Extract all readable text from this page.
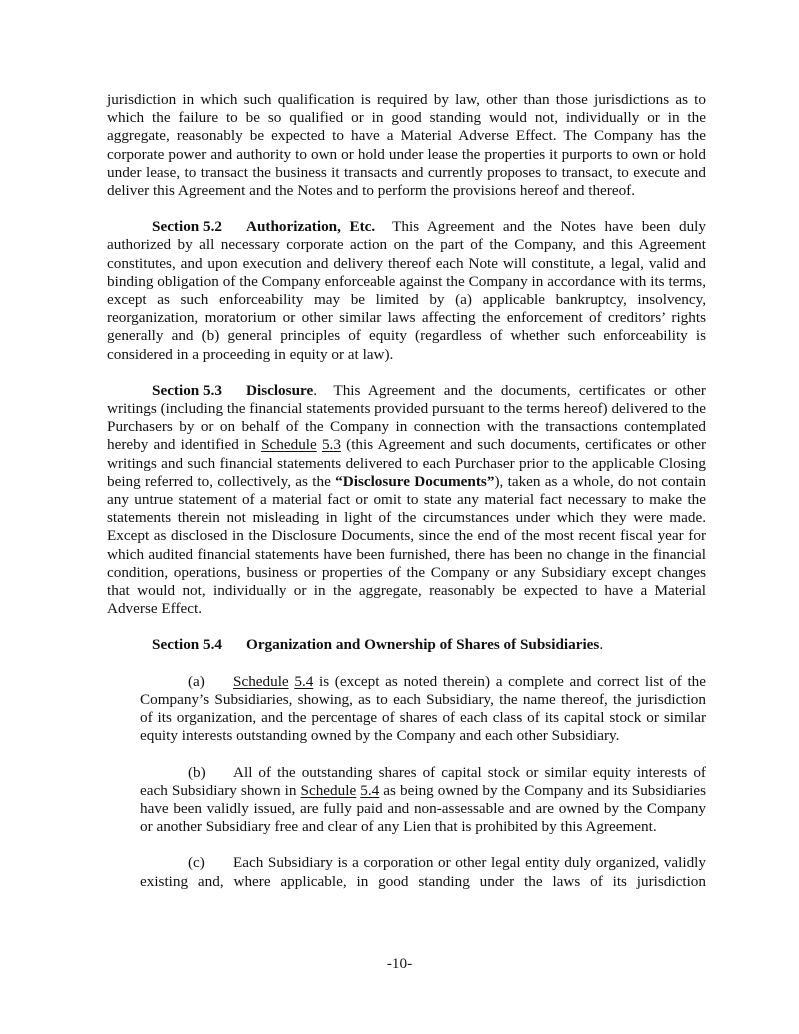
jurisdiction in which such qualification is required by law, other than those jurisdictions as to which the failure to be so qualified or in good standing would not, individually or in the aggregate, reasonably be expected to have a Material Adverse Effect. The Company has the corporate power and authority to own or hold under lease the properties it purports to own or hold under lease, to transact the business it transacts and currently proposes to transact, to execute and deliver this Agreement and the Notes and to perform the provisions hereof and thereof.

Section 5.2 Authorization, Etc. This Agreement and the Notes have been duly authorized by all necessary corporate action on the part of the Company, and this Agreement constitutes, and upon execution and delivery thereof each Note will constitute, a legal, valid and binding obligation of the Company enforceable against the Company in accordance with its terms, except as such enforceability may be limited by (a) applicable bankruptcy, insolvency, reorganization, moratorium or other similar laws affecting the enforcement of creditors’ rights generally and (b) general principles of equity (regardless of whether such enforceability is considered in a proceeding in equity or at law).

Section 5.3 Disclosure. This Agreement and the documents, certificates or other writings (including the financial statements provided pursuant to the terms hereof) delivered to the Purchasers by or on behalf of the Company in connection with the transactions contemplated hereby and identified in Schedule 5.3 (this Agreement and such documents, certificates or other writings and such financial statements delivered to each Purchaser prior to the applicable Closing being referred to, collectively, as the “Disclosure Documents”), taken as a whole, do not contain any untrue statement of a material fact or omit to state any material fact necessary to make the statements therein not misleading in light of the circumstances under which they were made. Except as disclosed in the Disclosure Documents, since the end of the most recent fiscal year for which audited financial statements have been furnished, there has been no change in the financial condition, operations, business or properties of the Company or any Subsidiary except changes that would not, individually or in the aggregate, reasonably be expected to have a Material Adverse Effect.

Section 5.4 Organization and Ownership of Shares of Subsidiaries.

(a) Schedule 5.4 is (except as noted therein) a complete and correct list of the Company’s Subsidiaries, showing, as to each Subsidiary, the name thereof, the jurisdiction of its organization, and the percentage of shares of each class of its capital stock or similar equity interests outstanding owned by the Company and each other Subsidiary.

(b) All of the outstanding shares of capital stock or similar equity interests of each Subsidiary shown in Schedule 5.4 as being owned by the Company and its Subsidiaries have been validly issued, are fully paid and non-assessable and are owned by the Company or another Subsidiary free and clear of any Lien that is prohibited by this Agreement.

(c) Each Subsidiary is a corporation or other legal entity duly organized, validly existing and, where applicable, in good standing under the laws of its jurisdiction

-10-
